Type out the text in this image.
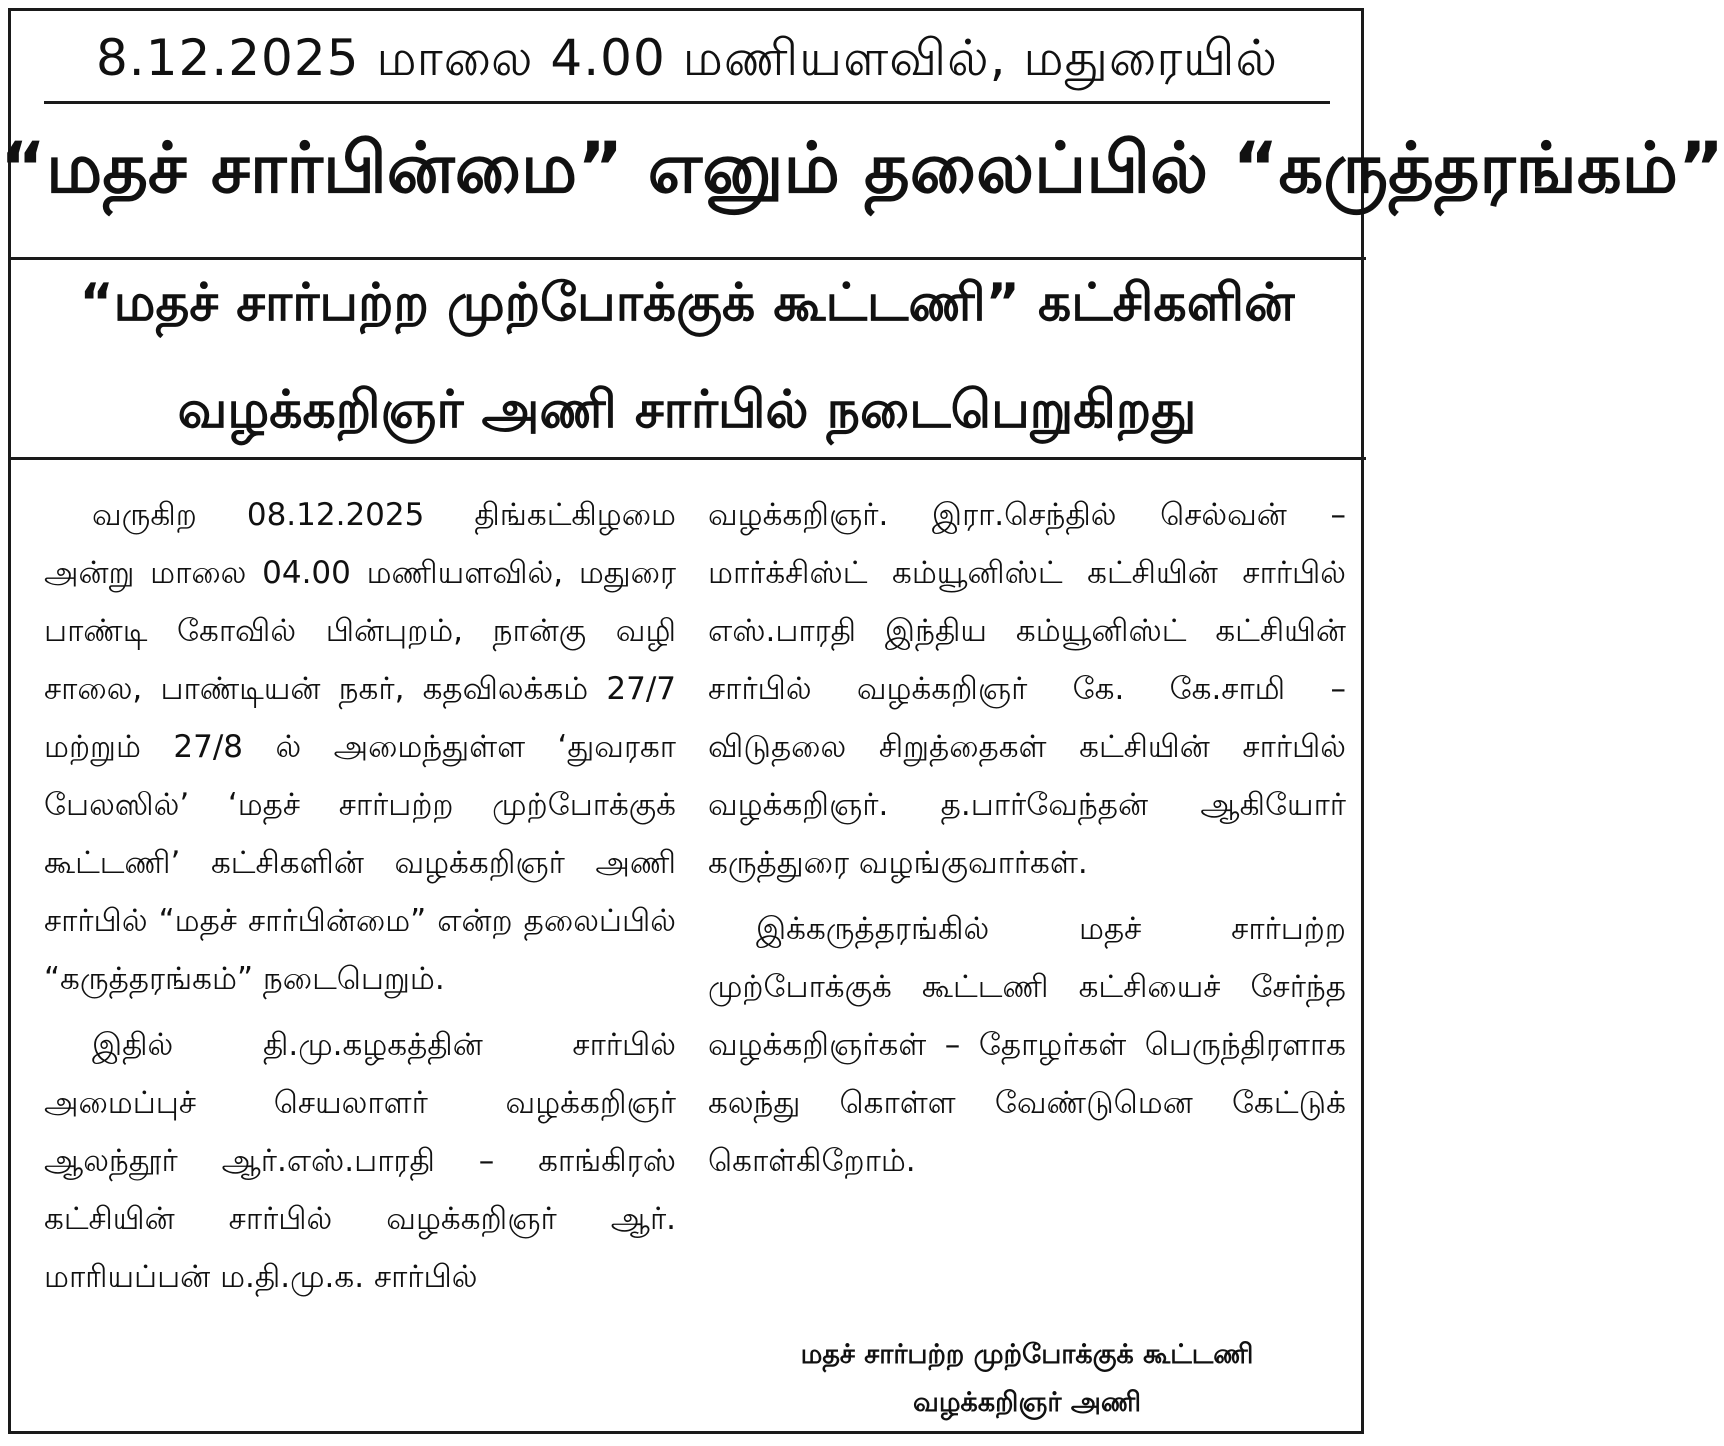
8.12.2025 மாலை 4.00 மணியளவில், மதுரையில்
“மதச் சார்பின்மை” எனும் தலைப்பில் “கருத்தரங்கம்”
“மதச் சார்பற்ற முற்போக்குக் கூட்டணி” கட்சிகளின்
வழக்கறிஞர் அணி சார்பில் நடைபெறுகிறது

வருகிற 08.12.2025 திங்கட்கிழமை அன்று மாலை 04.00 மணியளவில், மதுரை பாண்டி கோவில் பின்புறம், நான்கு வழி சாலை, பாண்டியன் நகர், கதவிலக்கம் 27/7 மற்றும் 27/8 ல் அமைந்துள்ள ‘துவரகா பேலஸில்’ ‘மதச் சார்பற்ற முற்போக்குக் கூட்டணி’ கட்சிகளின் வழக்கறிஞர் அணி சார்பில் “மதச் சார்பின்மை” என்ற தலைப்பில் “கருத்தரங்கம்” நடைபெறும்.

இதில் தி.மு.கழகத்தின் சார்பில் அமைப்புச் செயலாளர் வழக்கறிஞர் ஆலந்தூர் ஆர்.எஸ்.பாரதி – காங்கிரஸ் கட்சியின் சார்பில் வழக்கறிஞர் ஆர். மாரியப்பன் ம.தி.மு.க. சார்பில்

வழக்கறிஞர். இரா.செந்தில் செல்வன் – மார்க்சிஸ்ட் கம்யூனிஸ்ட் கட்சியின் சார்பில் எஸ்.பாரதி இந்திய கம்யூனிஸ்ட் கட்சியின் சார்பில் வழக்கறிஞர் கே. கே.சாமி – விடுதலை சிறுத்தைகள் கட்சியின் சார்பில் வழக்கறிஞர். த.பார்வேந்தன் ஆகியோர் கருத்துரை வழங்குவார்கள்.

இக்கருத்தரங்கில் மதச் சார்பற்ற முற்போக்குக் கூட்டணி கட்சியைச் சேர்ந்த வழக்கறிஞர்கள் – தோழர்கள் பெருந்திரளாக கலந்து கொள்ள வேண்டுமென கேட்டுக் கொள்கிறோம்.

மதச் சார்பற்ற முற்போக்குக் கூட்டணி
வழக்கறிஞர் அணி
